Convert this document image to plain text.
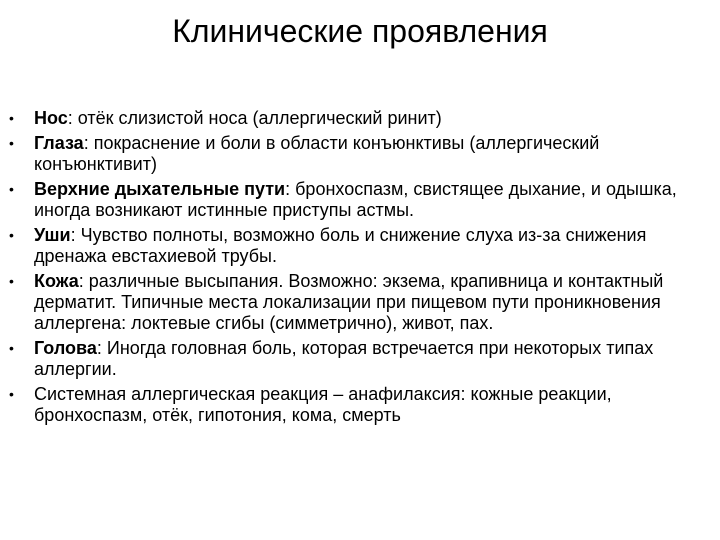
Клинические проявления
• Нос: отёк слизистой носа (аллергический ринит)
• Глаза: покраснение и боли в области конъюнктивы (аллергический конъюнктивит)
• Верхние дыхательные пути: бронхоспазм, свистящее дыхание, и одышка, иногда возникают истинные приступы астмы.
• Уши: Чувство полноты, возможно боль и снижение слуха из-за снижения дренажа евстахиевой трубы.
• Кожа: различные высыпания. Возможно: экзема, крапивница и контактный дерматит. Типичные места локализации при пищевом пути проникновения аллергена: локтевые сгибы (симметрично), живот, пах.
• Голова: Иногда головная боль, которая встречается при некоторых типах аллергии.
• Системная аллергическая реакция – анафилаксия: кожные реакции, бронхоспазм, отёк, гипотония, кома, смерть
